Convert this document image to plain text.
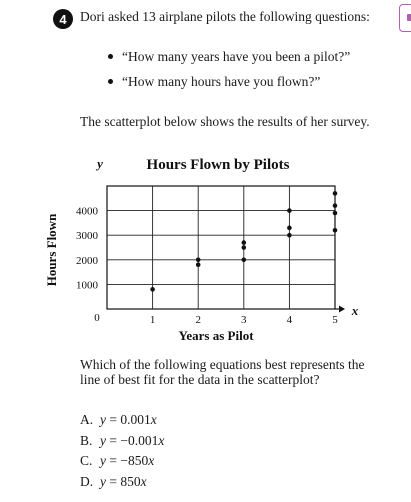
4 Dori asked 13 airplane pilots the following questions:

“How many years have you been a pilot?”
“How many hours have you flown?”

The scatterplot below shows the results of her survey.

y	Hours Flown by Pilots
1000
2000
3000
4000
1	2	3	4	5
0	x
Years as Pilot
Hours Flown

Which of the following equations best represents the line of best fit for the data in the scatterplot?

A. y = 0.001x
B. y = −0.001x
C. y = −850x
D. y = 850x
